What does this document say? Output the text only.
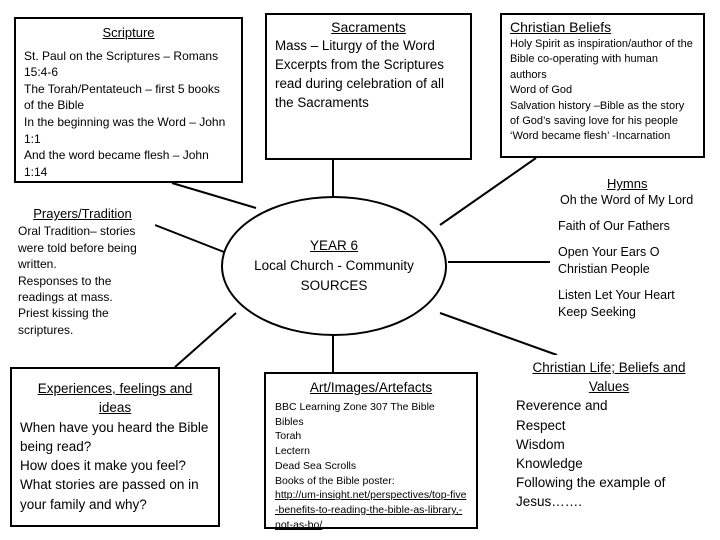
Scripture
St. Paul on the Scriptures – Romans 15:4-6
The Torah/Pentateuch – first 5 books of the Bible
In the beginning was the Word – John 1:1
And the word became flesh – John 1:14
Sacraments
Mass – Liturgy of the Word Excerpts from the Scriptures read during celebration of all the Sacraments
Christian Beliefs
Holy Spirit as inspiration/author of the Bible co-operating with human authors
Word of God
Salvation history –Bible as the story of God’s saving love for his people
‘Word became flesh’ -Incarnation
Prayers/Tradition
Oral Tradition– stories were told before being written.
Responses to the readings at mass.
Priest kissing the scriptures.
YEAR 6
Local Church - Community
SOURCES
Hymns
Oh the Word of My Lord
Faith of Our Fathers
Open Your Ears O Christian People
Listen Let Your Heart Keep Seeking
Experiences, feelings and ideas
When have you heard the Bible being read?
How does it make you feel?
What stories are passed on in your family and why?
Art/Images/Artefacts
BBC Learning Zone 307 The Bible
Bibles
Torah
Lectern
Dead Sea Scrolls
Books of the Bible poster:
http://um-insight.net/perspectives/top-five-benefits-to-reading-the-bible-as-library,-not-as-bo/
Christian Life; Beliefs and Values
Reverence and Respect
Wisdom
Knowledge
Following the example of Jesus…….
